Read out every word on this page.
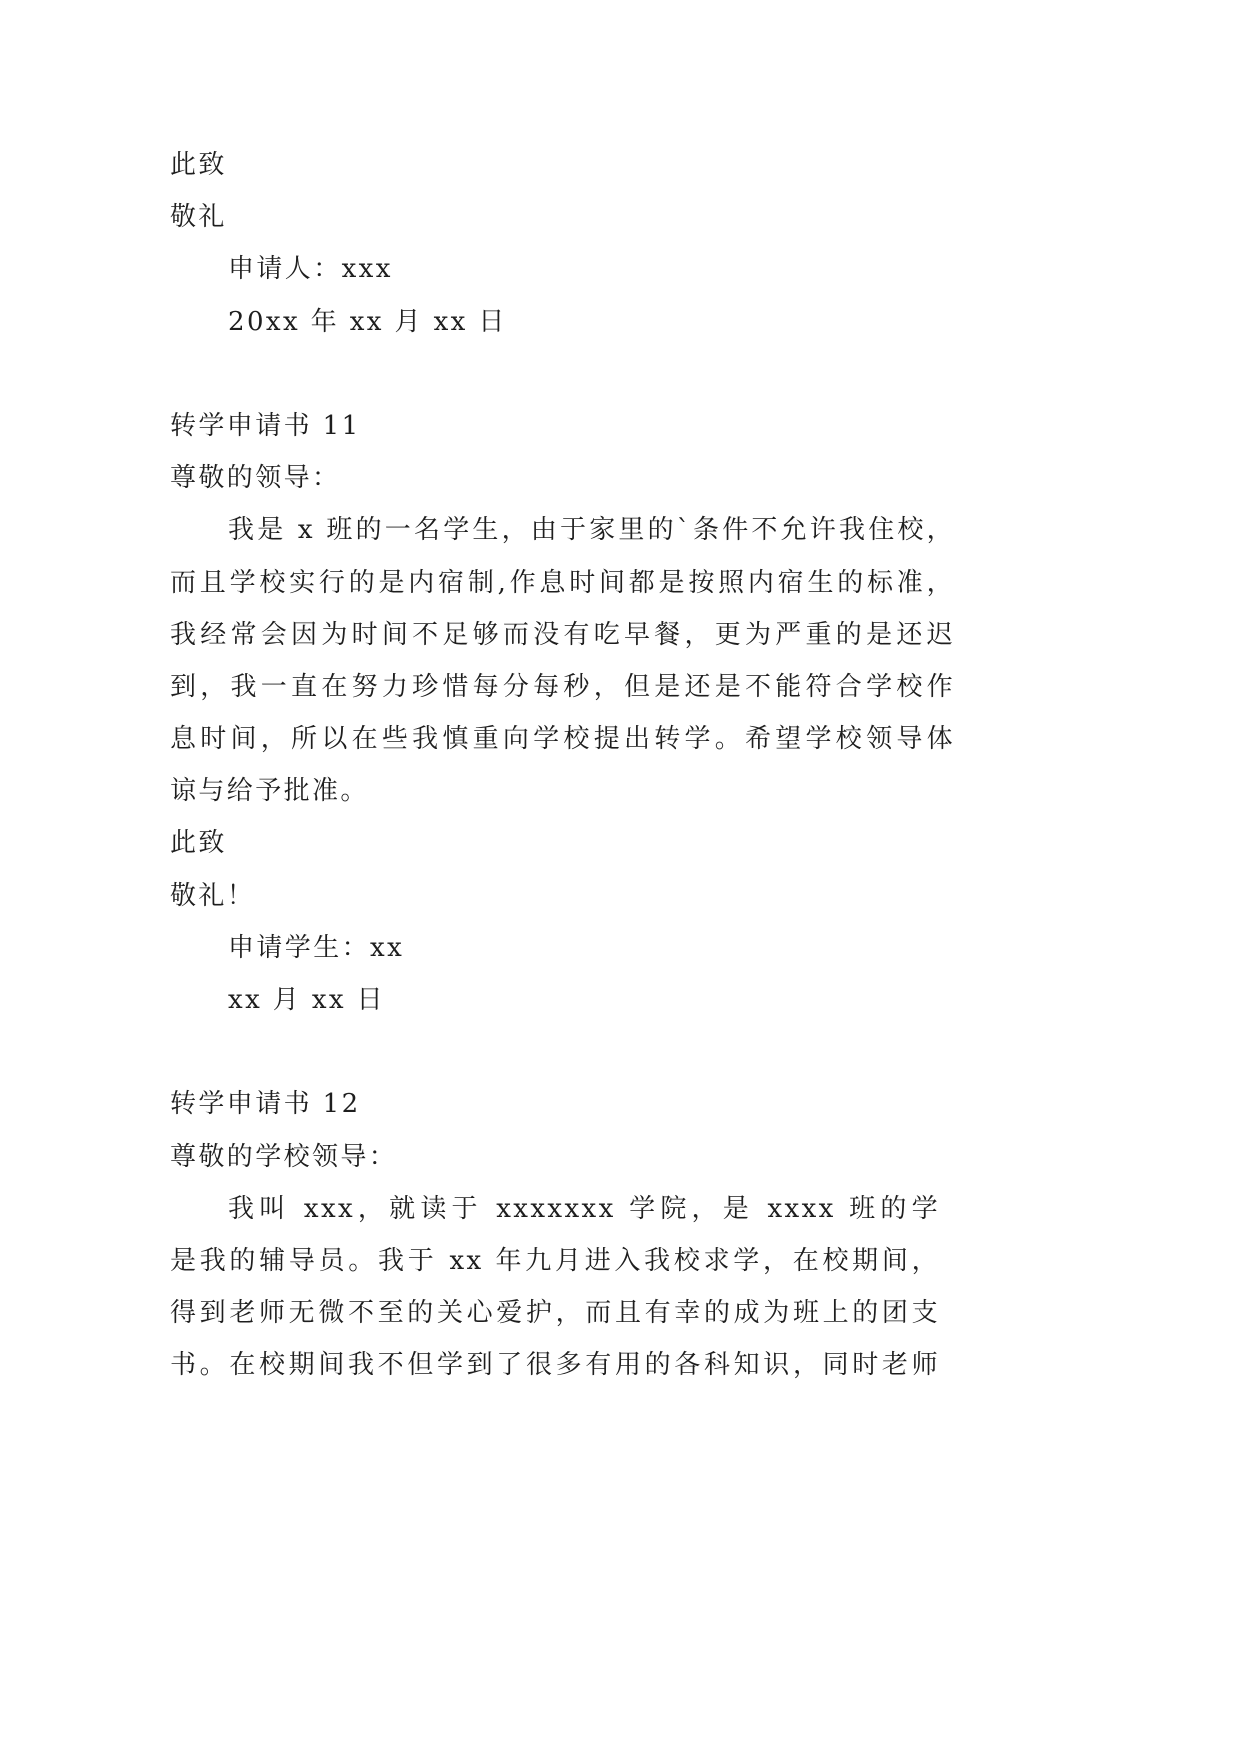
此致
敬礼
申请人：xxx
20xx 年 xx 月 xx 日
转学申请书 11
尊敬的领导：
我是 x 班的一名学生，由于家里的`条件不允许我住校，
而且学校实行的是内宿制,作息时间都是按照内宿生的标准，
我经常会因为时间不足够而没有吃早餐，更为严重的是还迟
到，我一直在努力珍惜每分每秒，但是还是不能符合学校作
息时间，所以在些我慎重向学校提出转学。希望学校领导体
谅与给予批准。
此致
敬礼！
申请学生：xx
xx 月 xx 日
转学申请书 12
尊敬的学校领导：
我叫 xxx，就读于 xxxxxxx 学院，是 xxxx 班的学
是我的辅导员。我于 xx 年九月进入我校求学，在校期间，
得到老师无微不至的关心爱护，而且有幸的成为班上的团支
书。在校期间我不但学到了很多有用的各科知识，同时老师
